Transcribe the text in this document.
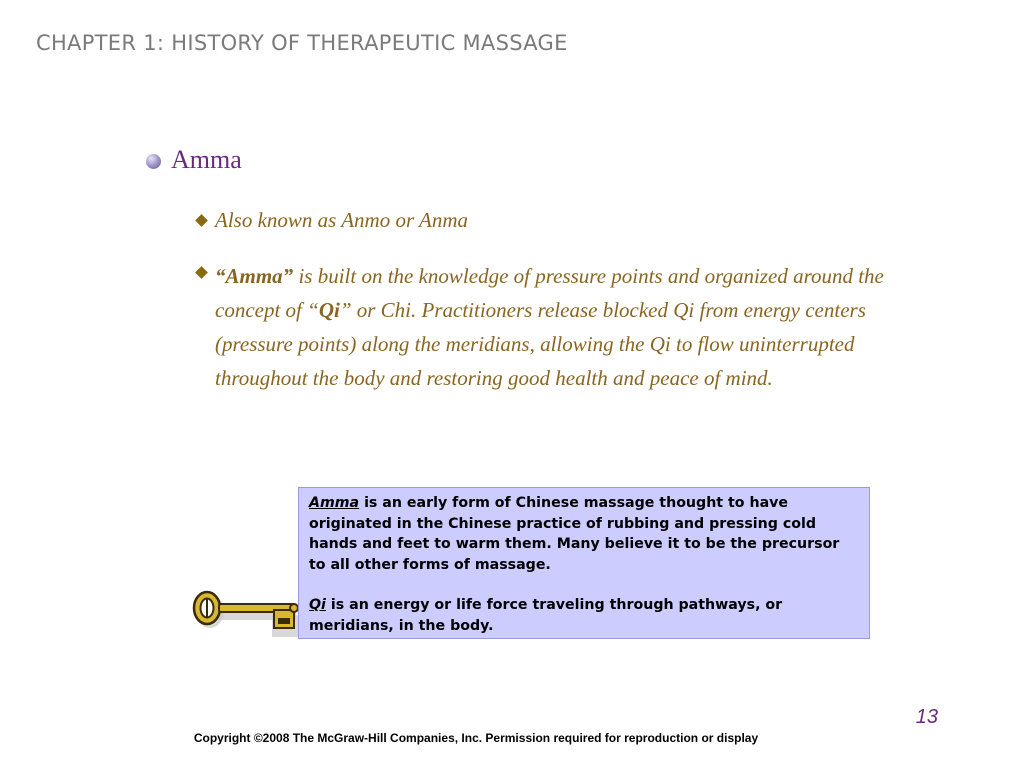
CHAPTER 1: HISTORY OF THERAPEUTIC MASSAGE
Amma
Also known as Anmo or Anma
“Amma” is built on the knowledge of pressure points and organized around the concept of “Qi” or Chi. Practitioners release blocked Qi from energy centers (pressure points) along the meridians, allowing the Qi to flow uninterrupted throughout the body and restoring good health and peace of mind.

Amma is an early form of Chinese massage thought to have originated in the Chinese practice of rubbing and pressing cold hands and feet to warm them. Many believe it to be the precursor to all other forms of massage.

Qi is an energy or life force traveling through pathways, or meridians, in the body.

13
Copyright ©2008 The McGraw-Hill Companies, Inc. Permission required for reproduction or display
